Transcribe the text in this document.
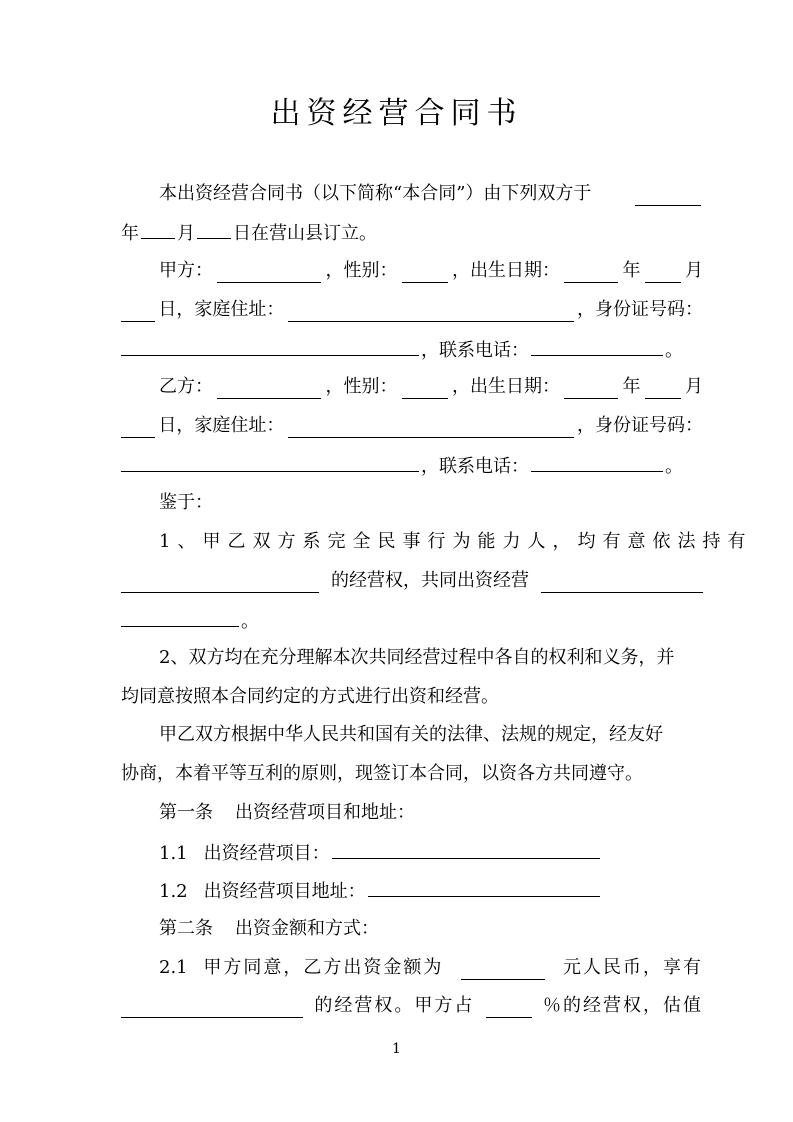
出资经营合同书
本出资经营合同书（以下简称“本合同”）由下列双方于
年 月 日在营山县订立。
甲方：	，性别：	，出生日期：	年 月
日，家庭住址：	，身份证号码：
，联系电话：	。
乙方：	，性别：	，出生日期：	年 月
日，家庭住址：	，身份证号码：
，联系电话：	。
鉴于：
1、甲乙双方系完全民事行为能力人，均有意依法持有
的经营权，共同出资经营
。
2、双方均在充分理解本次共同经营过程中各自的权利和义务，并
均同意按照本合同约定的方式进行出资和经营。
甲乙双方根据中华人民共和国有关的法律、法规的规定，经友好
协商，本着平等互利的原则，现签订本合同，以资各方共同遵守。
第一条 出资经营项目和地址：
1.1 出资经营项目：
1.2 出资经营项目地址：
第二条 出资金额和方式：
2.1 甲方同意，乙方出资金额为	元人民币，享有
的经营权。甲方占	％的经营权，估值
1
